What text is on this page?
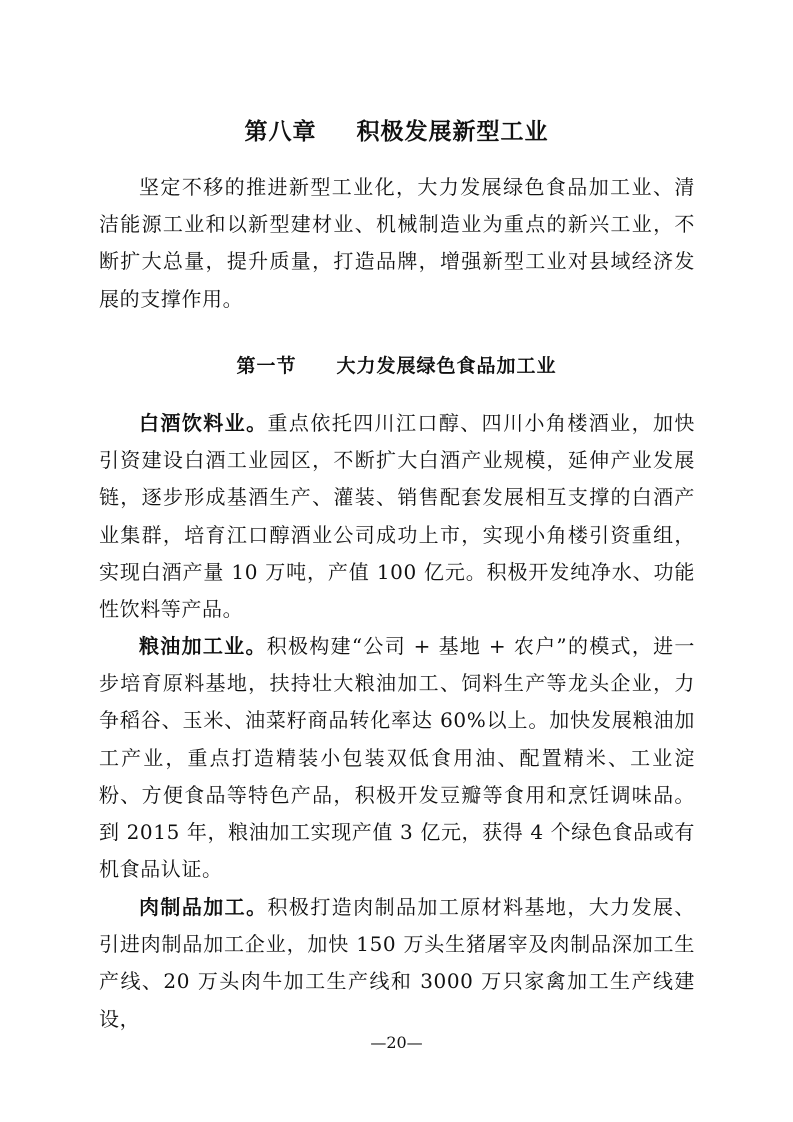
第八章 积极发展新型工业

坚定不移的推进新型工业化，大力发展绿色食品加工业、清洁能源工业和以新型建材业、机械制造业为重点的新兴工业，不断扩大总量，提升质量，打造品牌，增强新型工业对县域经济发展的支撑作用。

第一节 大力发展绿色食品加工业

白酒饮料业。重点依托四川江口醇、四川小角楼酒业，加快引资建设白酒工业园区，不断扩大白酒产业规模，延伸产业发展链，逐步形成基酒生产、灌装、销售配套发展相互支撑的白酒产业集群，培育江口醇酒业公司成功上市，实现小角楼引资重组，实现白酒产量 10 万吨，产值 100 亿元。积极开发纯净水、功能性饮料等产品。

粮油加工业。积极构建“公司 + 基地 + 农户”的模式，进一步培育原料基地，扶持壮大粮油加工、饲料生产等龙头企业，力争稻谷、玉米、油菜籽商品转化率达 60%以上。加快发展粮油加工产业，重点打造精装小包装双低食用油、配置精米、工业淀粉、方便食品等特色产品，积极开发豆瓣等食用和烹饪调味品。到 2015 年，粮油加工实现产值 3 亿元，获得 4 个绿色食品或有机食品认证。

肉制品加工。积极打造肉制品加工原材料基地，大力发展、引进肉制品加工企业，加快 150 万头生猪屠宰及肉制品深加工生产线、20 万头肉牛加工生产线和 3000 万只家禽加工生产线建设，

—20—
